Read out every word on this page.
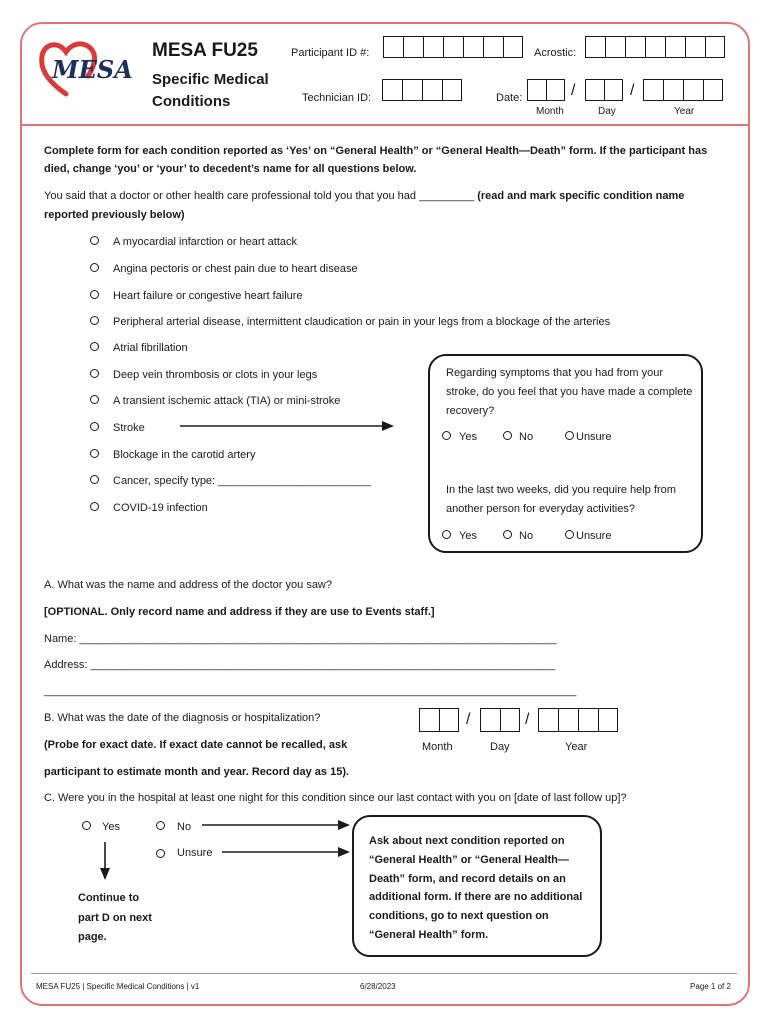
MESA
MESA FU25
Specific Medical
Conditions
Participant ID #:	Acrostic:
Technician ID:	Date:	/	/
Month	Day	Year
Complete form for each condition reported as ‘Yes’ on “General Health” or “General Health—Death” form. If the participant has
died, change ‘you’ or ‘your’ to decedent’s name for all questions below.
You said that a doctor or other health care professional told you that you had _________ (read and mark specific condition name
reported previously below)
A myocardial infarction or heart attack
Angina pectoris or chest pain due to heart disease
Heart failure or congestive heart failure
Peripheral arterial disease, intermittent claudication or pain in your legs from a blockage of the arteries
Atrial fibrillation
Deep vein thrombosis or clots in your legs
A transient ischemic attack (TIA) or mini-stroke
Stroke
Blockage in the carotid artery
Cancer, specify type: _________________________
COVID-19 infection
Regarding symptoms that you had from your
stroke, do you feel that you have made a complete
recovery?
Yes	No	Unsure
In the last two weeks, did you require help from
another person for everyday activities?
Yes	No	Unsure
A. What was the name and address of the doctor you saw?
[OPTIONAL. Only record name and address if they are use to Events staff.]
Name: ______________________________________________________________________________
Address: ____________________________________________________________________________
_______________________________________________________________________________________
B. What was the date of the diagnosis or hospitalization?
(Probe for exact date. If exact date cannot be recalled, ask
participant to estimate month and year. Record day as 15).
/	/
Month	Day	Year
C. Were you in the hospital at least one night for this condition since our last contact with you on [date of last follow up]?
Yes	No
Unsure
Continue to
part D on next
page.
Ask about next condition reported on
“General Health” or “General Health—
Death” form, and record details on an
additional form. If there are no additional
conditions, go to next question on
“General Health” form.
MESA FU25 | Specific Medical Conditions | v1	6/28/2023	Page 1 of 2
